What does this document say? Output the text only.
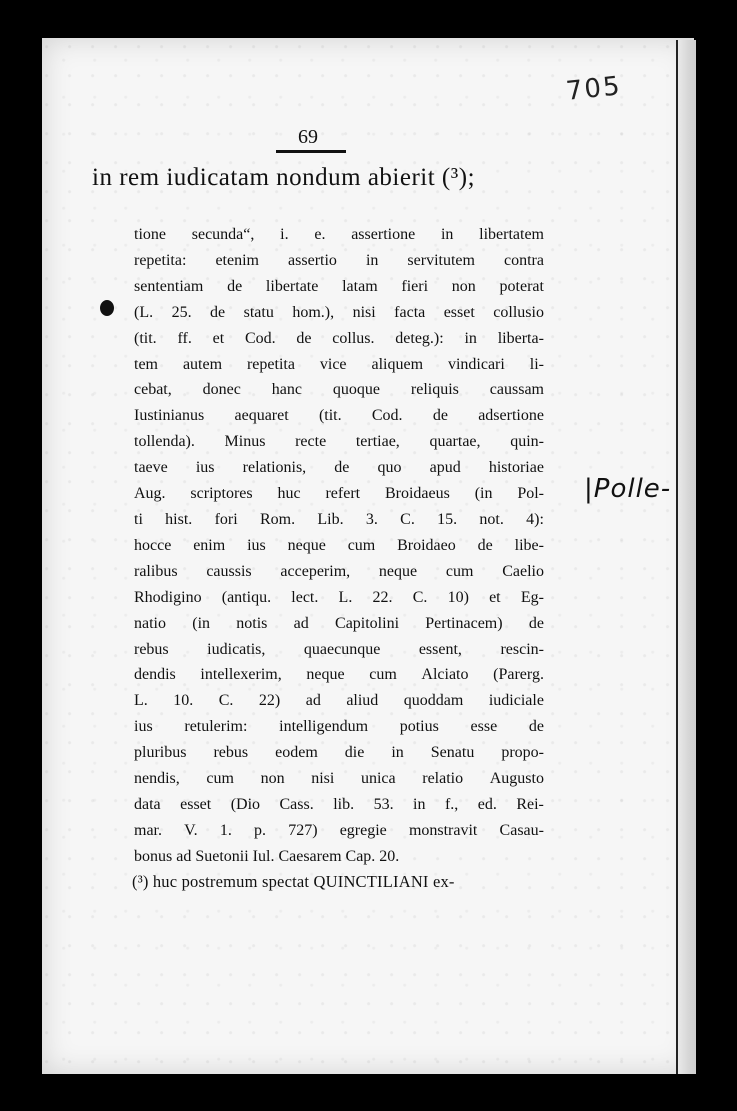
705
69
in rem iudicatam nondum abierit (³);
tione secunda“, i. e. assertione in libertatem
repetita: etenim assertio in servitutem contra
sententiam de libertate latam fieri non poterat
(L. 25. de statu hom.), nisi facta esset collusio
(tit. ff. et Cod. de collus. deteg.): in liberta-
tem autem repetita vice aliquem vindicari li-
cebat, donec hanc quoque reliquis caussam
Iustinianus aequaret (tit. Cod. de adsertione
tollenda). Minus recte tertiae, quartae, quin-
taeve ius relationis, de quo apud historiae
Aug. scriptores huc refert Broidaeus (in Pol-
ti hist. fori Rom. Lib. 3. C. 15. not. 4):
hocce enim ius neque cum Broidaeo de libe-
ralibus caussis acceperim, neque cum Caelio
Rhodigino (antiqu. lect. L. 22. C. 10) et Eg-
natio (in notis ad Capitolini Pertinacem) de
rebus iudicatis, quaecunque essent, rescin-
dendis intellexerim, neque cum Alciato (Parerg.
L. 10. C. 22) ad aliud quoddam iudiciale
ius retulerim: intelligendum potius esse de
pluribus rebus eodem die in Senatu propo-
nendis, cum non nisi unica relatio Augusto
data esset (Dio Cass. lib. 53. in f., ed. Rei-
mar. V. 1. p. 727) egregie monstravit Casau-
bonus ad Suetonii Iul. Caesarem Cap. 20.
|Polle-
(³) huc postremum spectat QUINCTILIANI ex-
